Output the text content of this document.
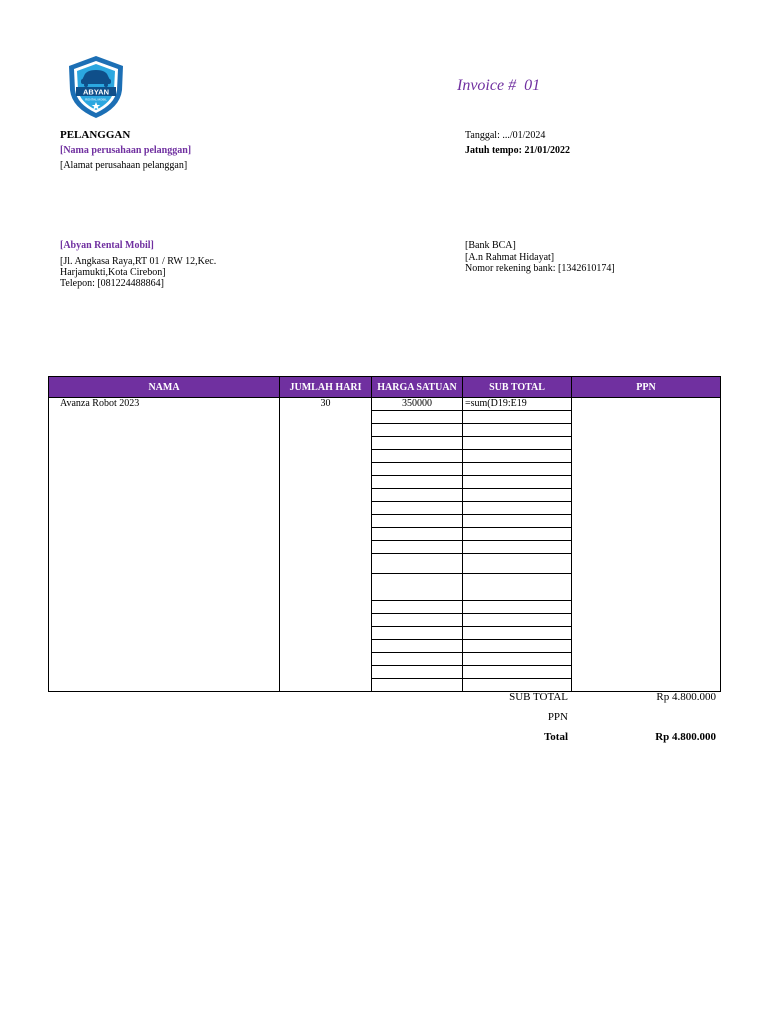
ABYAN
RENTAL MOBIL
Invoice #  01
PELANGGAN
[Nama perusahaan pelanggan]
[Alamat perusahaan pelanggan]
Tanggal: .../01/2024
Jatuh tempo: 21/01/2022
[Abyan Rental Mobil]
[Jl. Angkasa Raya,RT 01 / RW 12,Kec.
Harjamukti,Kota Cirebon]
Telepon: [081224488864]
[Bank BCA]
[A.n Rahmat Hidayat]
Nomor rekening bank: [1342610174]
NAMA	JUMLAH HARI	HARGA SATUAN	SUB TOTAL	PPN
Avanza Robot 2023	30	350000	=sum(D19:E19	

SUB TOTAL	Rp 4.800.000
PPN
Total	Rp 4.800.000
